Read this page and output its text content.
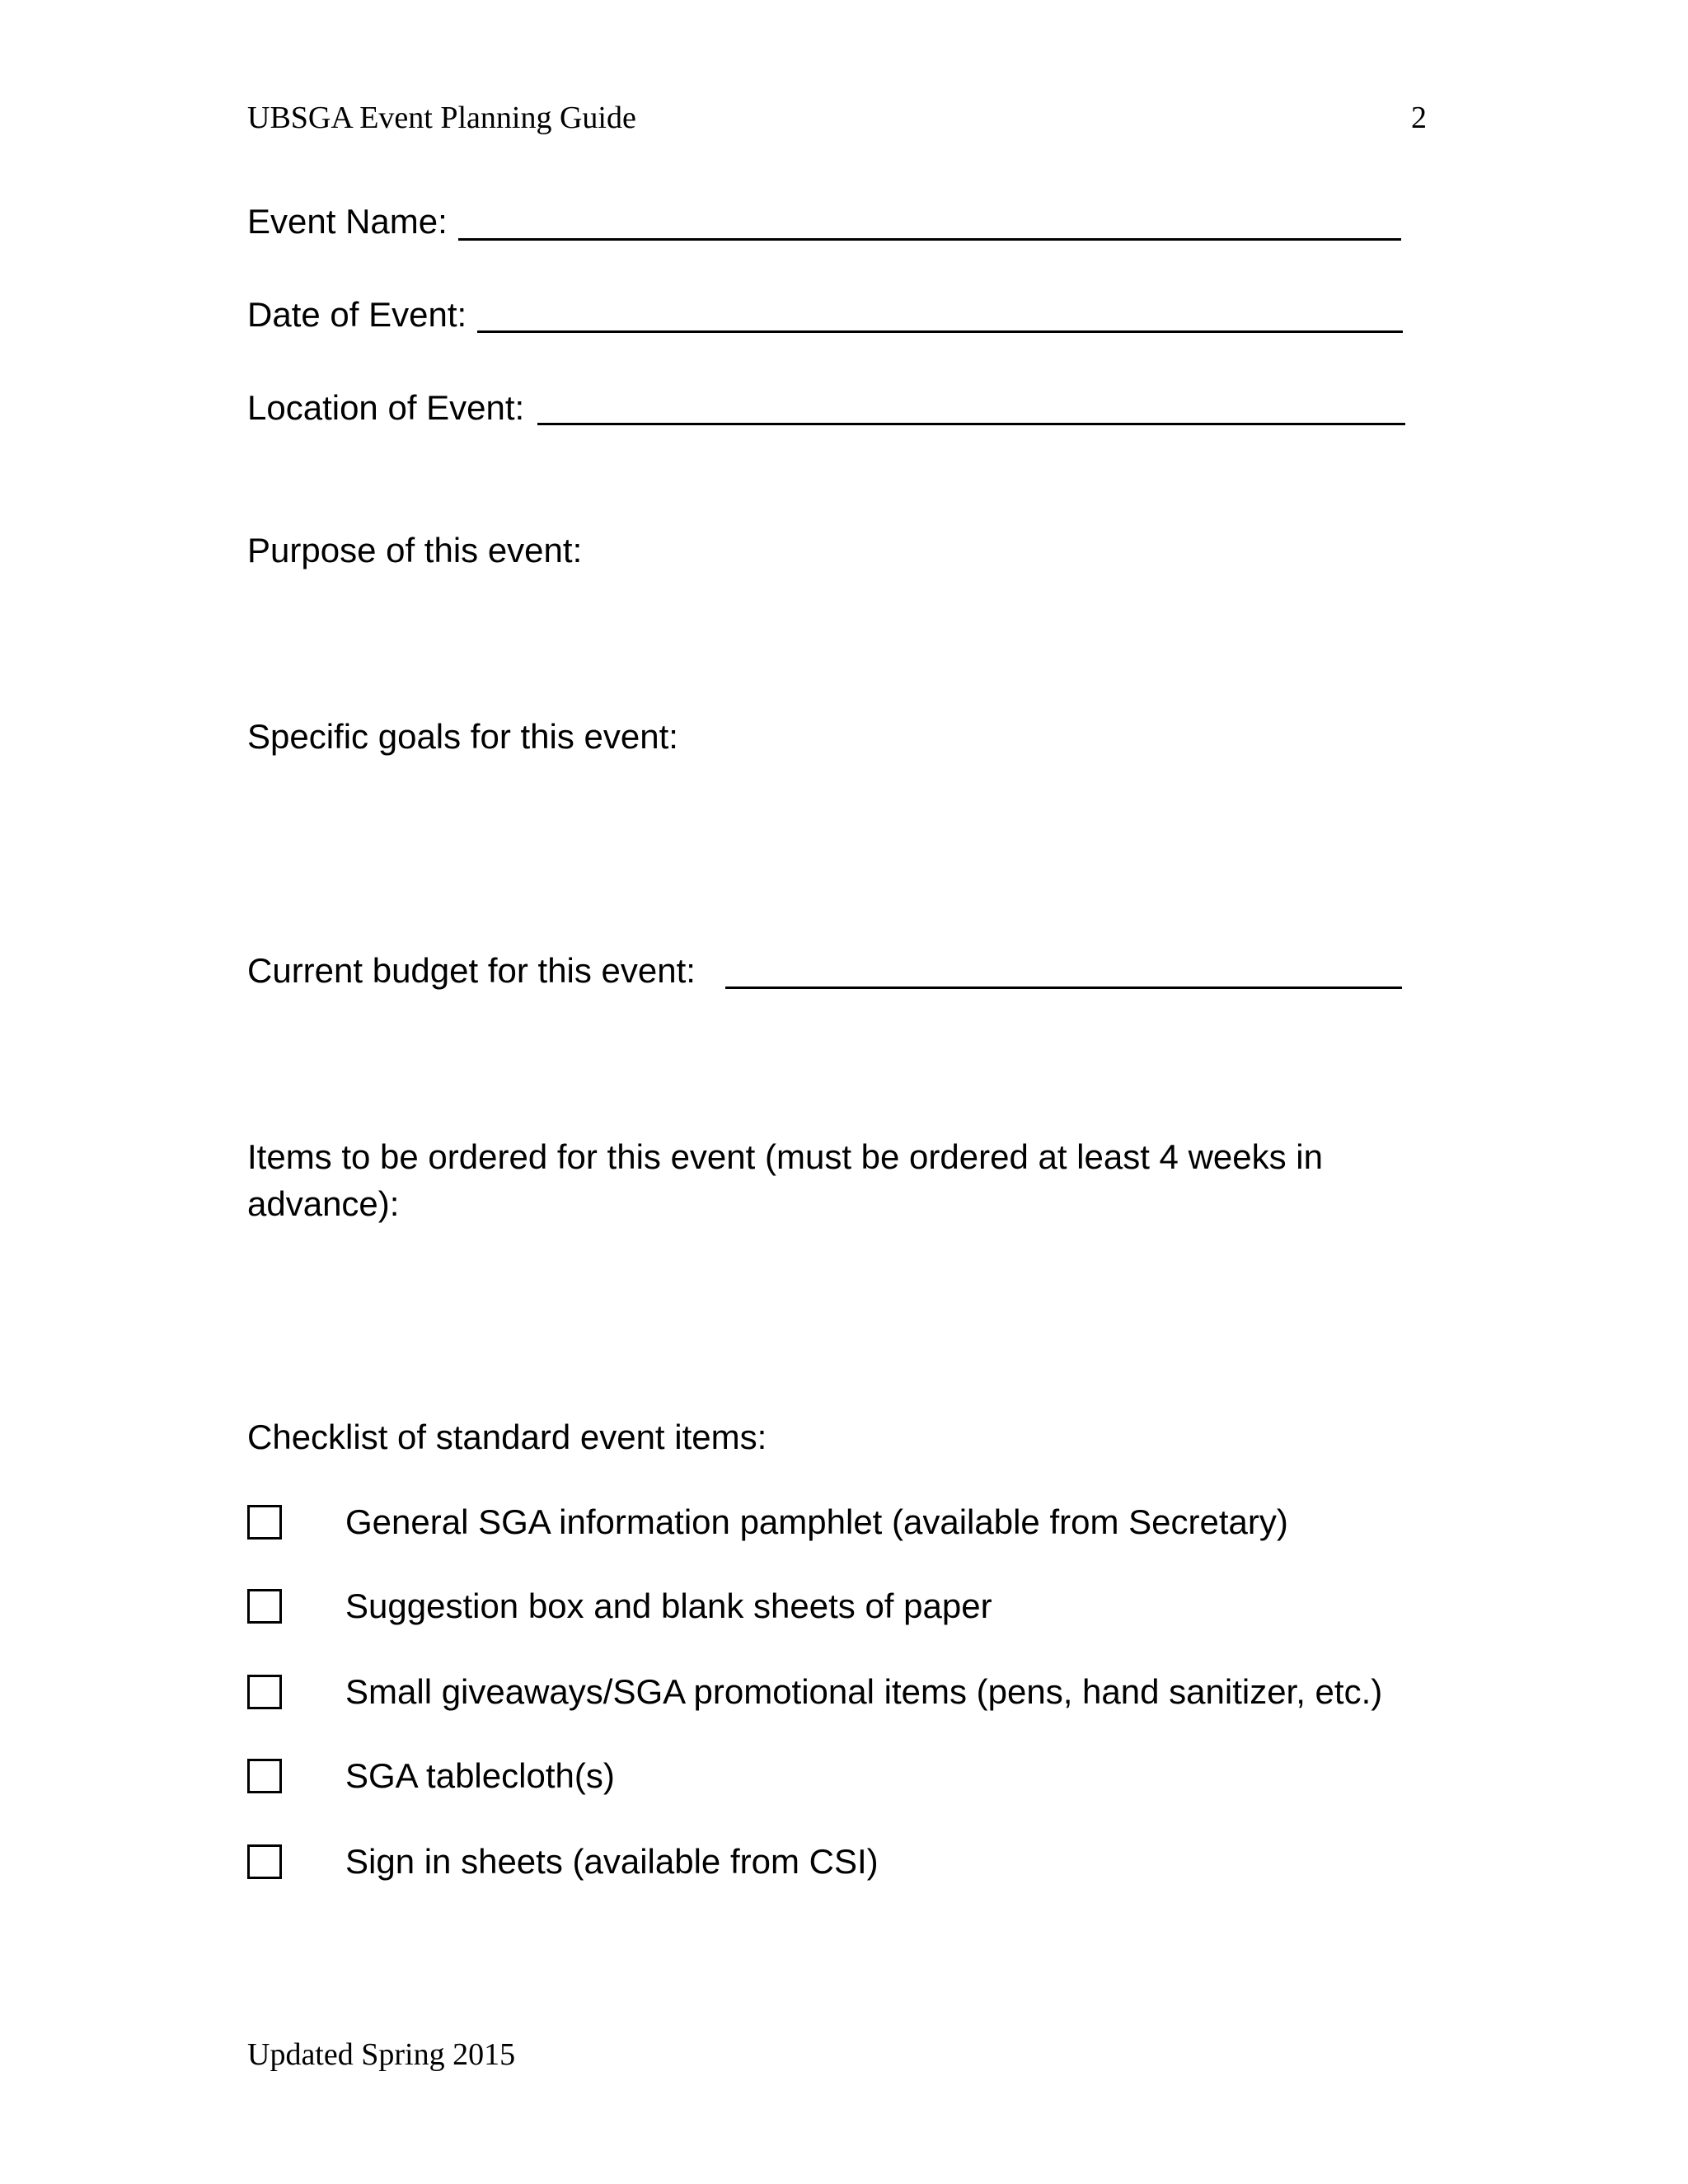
UBSGA Event Planning Guide	2
Event Name:
Date of Event:
Location of Event:
Purpose of this event:
Specific goals for this event:
Current budget for this event:
Items to be ordered for this event (must be ordered at least 4 weeks in
advance):
Checklist of standard event items:
General SGA information pamphlet (available from Secretary)
Suggestion box and blank sheets of paper
Small giveaways/SGA promotional items (pens, hand sanitizer, etc.)
SGA tablecloth(s)
Sign in sheets (available from CSI)
Updated Spring 2015
